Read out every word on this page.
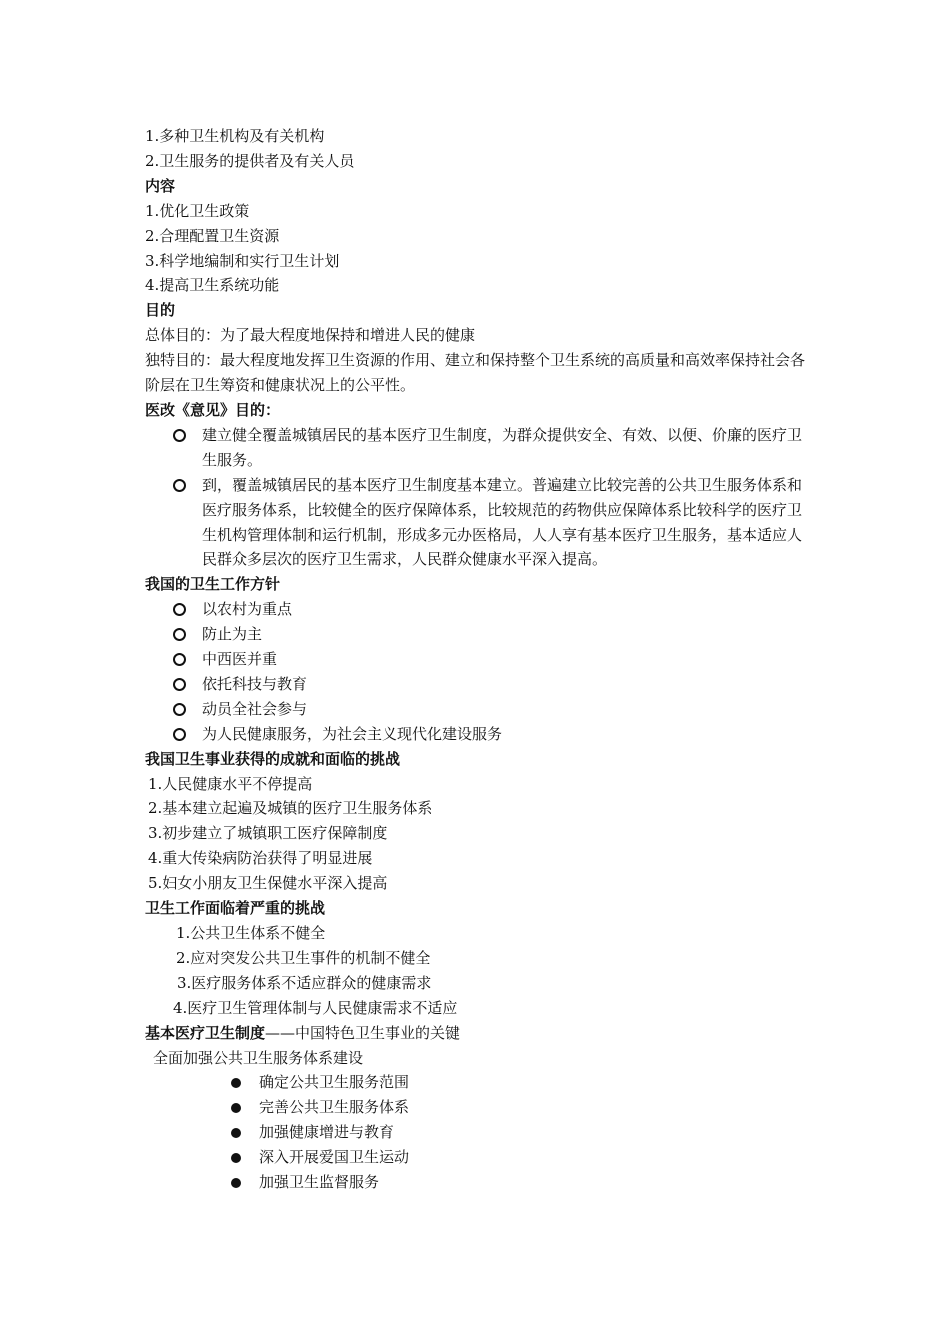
1.多种卫生机构及有关机构
2.卫生服务的提供者及有关人员
内容
1.优化卫生政策
2.合理配置卫生资源
3.科学地编制和实行卫生计划
4.提高卫生系统功能
目的
总体目的：为了最大程度地保持和增进人民的健康
独特目的：最大程度地发挥卫生资源的作用、建立和保持整个卫生系统的高质量和高效率保持社会各阶层在卫生筹资和健康状况上的公平性。
医改《意见》目的：
建立健全覆盖城镇居民的基本医疗卫生制度，为群众提供安全、有效、以便、价廉的医疗卫生服务。
到，覆盖城镇居民的基本医疗卫生制度基本建立。普遍建立比较完善的公共卫生服务体系和医疗服务体系，比较健全的医疗保障体系，比较规范的药物供应保障体系比较科学的医疗卫生机构管理体制和运行机制，形成多元办医格局，人人享有基本医疗卫生服务，基本适应人民群众多层次的医疗卫生需求，人民群众健康水平深入提高。
我国的卫生工作方针
以农村为重点
防止为主
中西医并重
依托科技与教育
动员全社会参与
为人民健康服务，为社会主义现代化建设服务
我国卫生事业获得的成就和面临的挑战
1.人民健康水平不停提高
2.基本建立起遍及城镇的医疗卫生服务体系
3.初步建立了城镇职工医疗保障制度
4.重大传染病防治获得了明显进展
5.妇女小朋友卫生保健水平深入提高
卫生工作面临着严重的挑战
1.公共卫生体系不健全
2.应对突发公共卫生事件的机制不健全
3.医疗服务体系不适应群众的健康需求
4.医疗卫生管理体制与人民健康需求不适应
基本医疗卫生制度——中国特色卫生事业的关键
全面加强公共卫生服务体系建设
确定公共卫生服务范围
完善公共卫生服务体系
加强健康增进与教育
深入开展爱国卫生运动
加强卫生监督服务
